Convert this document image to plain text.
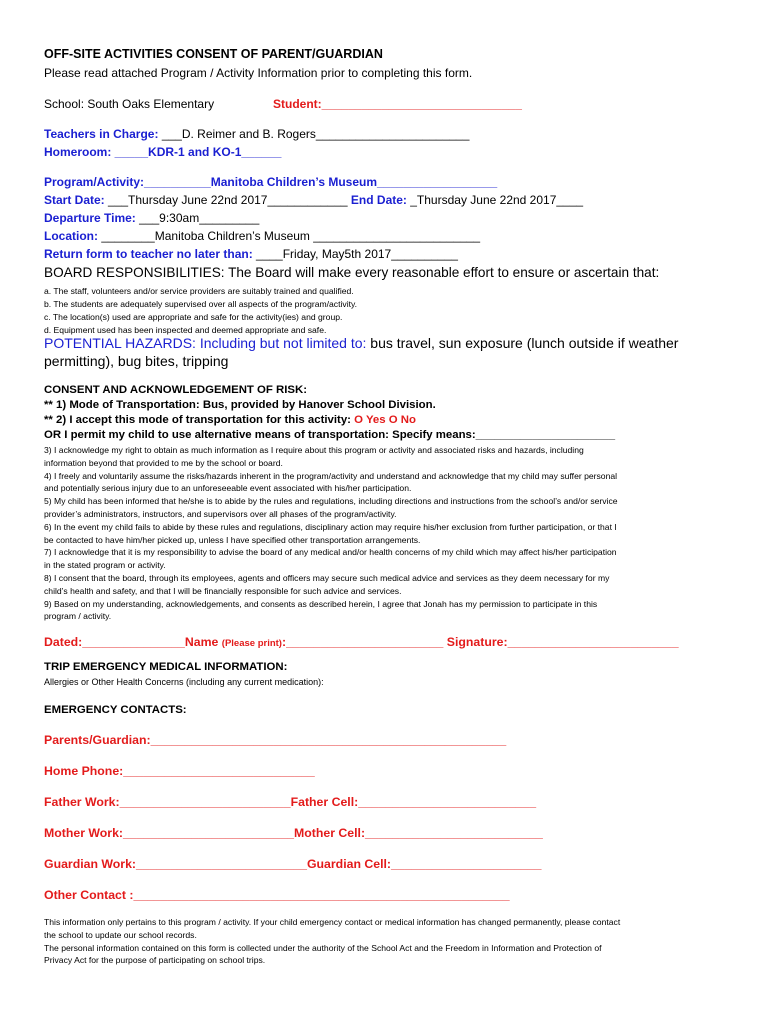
OFF-SITE ACTIVITIES CONSENT OF PARENT/GUARDIAN
Please read attached Program / Activity Information prior to completing this form.
School: South Oaks Elementary	Student:______________________________
Teachers in Charge: ___D. Reimer and B. Rogers_______________________
Homeroom: _____KDR-1 and KO-1______
Program/Activity:__________Manitoba Children’s Museum__________________
Start Date: ___Thursday June 22nd 2017____________ End Date: _Thursday June 22nd 2017____
Departure Time: ___9:30am_________
Location: ________Manitoba Children’s Museum _________________________
Return form to teacher no later than: ____Friday, May5th 2017__________
BOARD RESPONSIBILITIES: The Board will make every reasonable effort to ensure or ascertain that:
a. The staff, volunteers and/or service providers are suitably trained and qualified.
b. The students are adequately supervised over all aspects of the program/activity.
c. The location(s) used are appropriate and safe for the activity(ies) and group.
d. Equipment used has been inspected and deemed appropriate and safe.
POTENTIAL HAZARDS: Including but not limited to: bus travel, sun exposure (lunch outside if weather
permitting), bug bites, tripping
CONSENT AND ACKNOWLEDGEMENT OF RISK:
** 1) Mode of Transportation: Bus, provided by Hanover School Division.
** 2) I accept this mode of transportation for this activity: O Yes O No
OR I permit my child to use alternative means of transportation: Specify means:______________________
3) I acknowledge my right to obtain as much information as I require about this program or activity and associated risks and hazards, including
information beyond that provided to me by the school or board.
4) I freely and voluntarily assume the risks/hazards inherent in the program/activity and understand and acknowledge that my child may suffer personal
and potentially serious injury due to an unforeseeable event associated with his/her participation.
5) My child has been informed that he/she is to abide by the rules and regulations, including directions and instructions from the school’s and/or service
provider’s administrators, instructors, and supervisors over all phases of the program/activity.
6) In the event my child fails to abide by these rules and regulations, disciplinary action may require his/her exclusion from further participation, or that I
be contacted to have him/her picked up, unless I have specified other transportation arrangements.
7) I acknowledge that it is my responsibility to advise the board of any medical and/or health concerns of my child which may affect his/her participation
in the stated program or activity.
8) I consent that the board, through its employees, agents and officers may secure such medical advice and services as they deem necessary for my
child’s health and safety, and that I will be financially responsible for such advice and services.
9) Based on my understanding, acknowledgements, and consents as described herein, I agree that Jonah has my permission to participate in this
program / activity.
Dated:_______________Name (Please print):_______________________ Signature:_________________________
TRIP EMERGENCY MEDICAL INFORMATION:
Allergies or Other Health Concerns (including any current medication):
EMERGENCY CONTACTS:
Parents/Guardian:____________________________________________________
Home Phone:____________________________
Father Work:_________________________Father Cell:__________________________
Mother Work:_________________________Mother Cell:__________________________
Guardian Work:_________________________Guardian Cell:______________________
Other Contact :_______________________________________________________
This information only pertains to this program / activity. If your child emergency contact or medical information has changed permanently, please contact
the school to update our school records.
The personal information contained on this form is collected under the authority of the School Act and the Freedom in Information and Protection of
Privacy Act for the purpose of participating on school trips.
